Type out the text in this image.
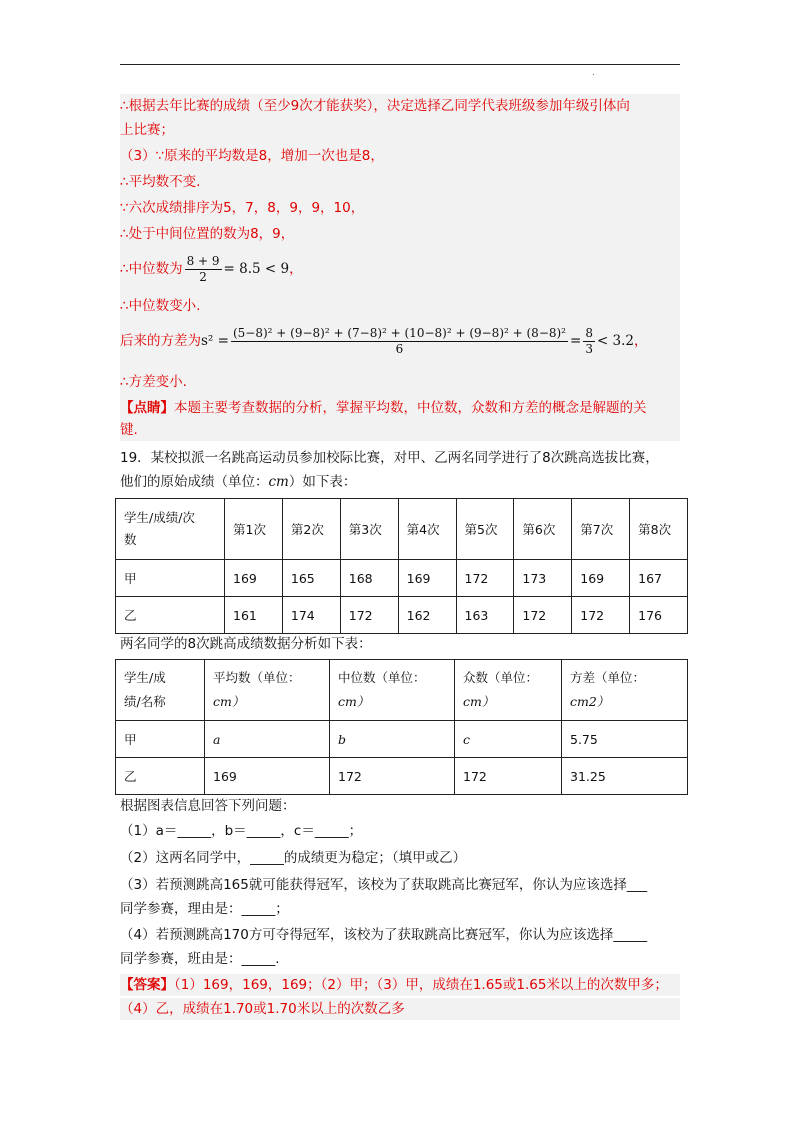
.
∴根据去年比赛的成绩（至少9次才能获奖），决定选择乙同学代表班级参加年级引体向
上比赛；
（3）∵原来的平均数是8，增加一次也是8，
∴平均数不变.
∵六次成绩排序为5，7，8，9，9，10，
∴处于中间位置的数为8，9，
∴中位数为 $\frac{8 + 9}{2} = 8.5 < 9$，
∴中位数变小.
后来的方差为$s^2 = \frac{\text{(5−8)² + (9−8)² + (7−8)² + (10−8)² + (9−8)² + (8−8)²}}{6} = \frac{8}{3} < 3.2$，
∴方差变小.
【点睛】本题主要考查数据的分析，掌握平均数，中位数，众数和方差的概念是解题的关
键.
19．某校拟派一名跳高运动员参加校际比赛，对甲、乙两名同学进行了8次跳高选拔比赛，
他们的原始成绩（单位：cm）如下表：
学生/成绩/次
数	第1次	第2次	第3次	第4次	第5次	第6次	第7次	第8次
甲	169	165	168	169	172	173	169	167
乙	161	174	172	162	163	172	172	176
两名同学的8次跳高成绩数据分析如下表：
学生/成
绩/名称	平均数（单位：
cm）	中位数（单位：
cm）	众数（单位：
cm）	方差（单位：
cm2）
甲	a	b	c	5.75
乙	169	172	172	31.25
根据图表信息回答下列问题：
（1）a＝_____，b＝_____，c＝_____；
（2）这两名同学中，_____的成绩更为稳定；（填甲或乙）
（3）若预测跳高165就可能获得冠军，该校为了获取跳高比赛冠军，你认为应该选择___
同学参赛，理由是：_____；
（4）若预测跳高170方可夺得冠军，该校为了获取跳高比赛冠军，你认为应该选择_____
同学参赛，班由是：_____.
【答案】（1）169，169，169；（2）甲；（3）甲，成绩在1.65或1.65米以上的次数甲多；
（4）乙，成绩在1.70或1.70米以上的次数乙多
